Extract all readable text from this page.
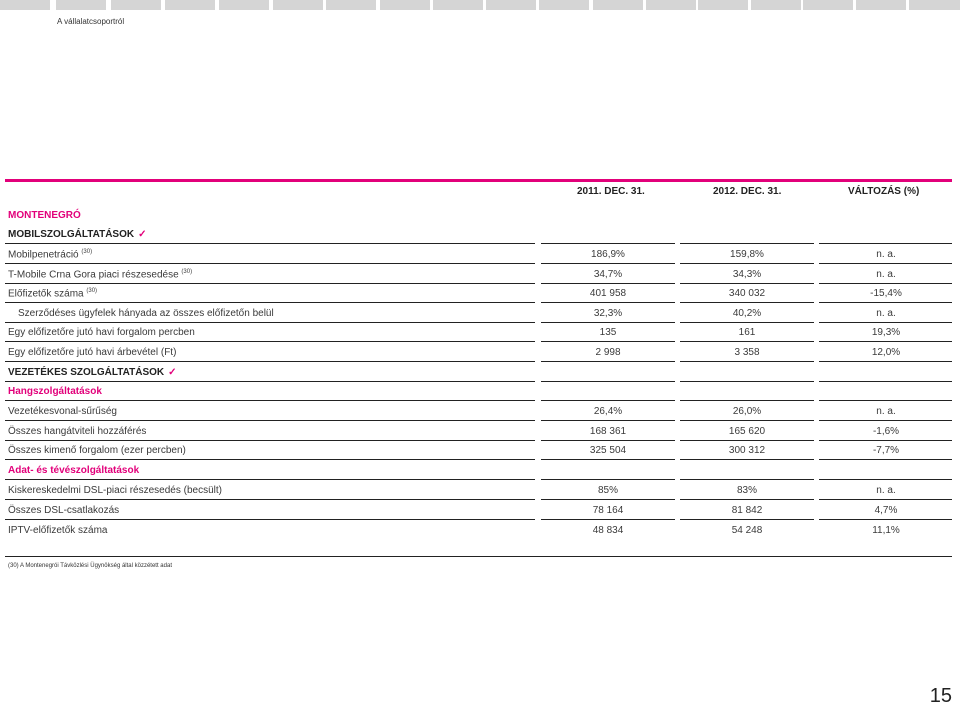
A vállalatcsoportról
2011. DEC. 31.	2012. DEC. 31.	VÁLTOZÁS (%)
MONTENEGRÓ
MOBILSZOLGÁLTATÁSOK ✓
Mobilpenetráció $^{(30)}$	186,9%	159,8%	n. a.
T-Mobile Crna Gora piaci részesedése $^{(30)}$	34,7%	34,3%	n. a.
Előfizetők száma $^{(30)}$	401 958	340 032	-15,4%
Szerződéses ügyfelek hányada az összes előfizetőn belül	32,3%	40,2%	n. a.
Egy előfizetőre jutó havi forgalom percben	135	161	19,3%
Egy előfizetőre jutó havi árbevétel (Ft)	2 998	3 358	12,0%
VEZETÉKES SZOLGÁLTATÁSOK ✓
Hangszolgáltatások
Vezetékesvonal-sűrűség	26,4%	26,0%	n. a.
Összes hangátviteli hozzáférés	168 361	165 620	-1,6%
Összes kimenő forgalom (ezer percben)	325 504	300 312	-7,7%
Adat- és tévészolgáltatások
Kiskereskedelmi DSL-piaci részesedés (becsült)	85%	83%	n. a.
Összes DSL-csatlakozás	78 164	81 842	4,7%
IPTV-előfizetők száma	48 834	54 248	11,1%
(30) A Montenegrói Távközlési Ügynökség által közzétett adat
15
